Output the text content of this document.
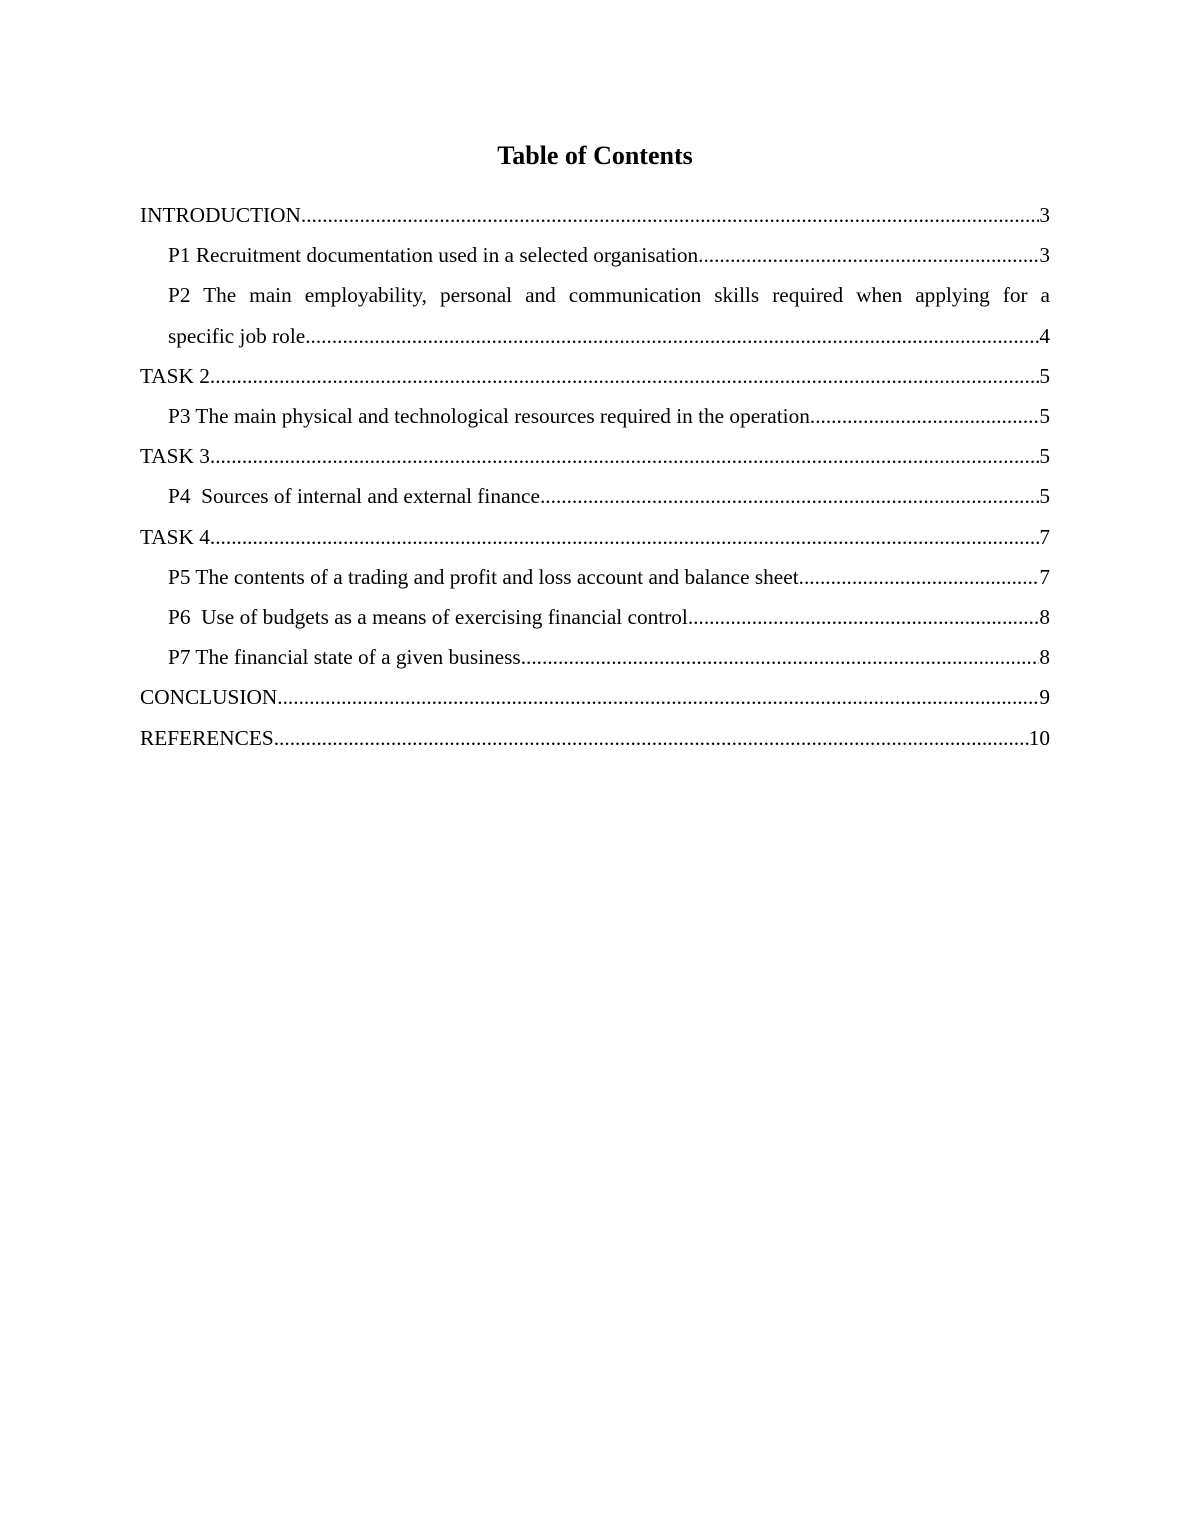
Table of Contents
INTRODUCTION .....	3
P1 Recruitment documentation used in a selected organisation .....	3
P2 The main employability, personal and communication skills required when applying for a
specific job role .....	4
TASK 2 .....	5
P3 The main physical and technological resources required in the operation .....	5
TASK 3 .....	5
P4  Sources of internal and external finance .....	5
TASK 4 .....	7
P5 The contents of a trading and profit and loss account and balance sheet .....	7
P6  Use of budgets as a means of exercising financial control .....	8
P7 The financial state of a given business .....	8
CONCLUSION .....	9
REFERENCES .....	10
